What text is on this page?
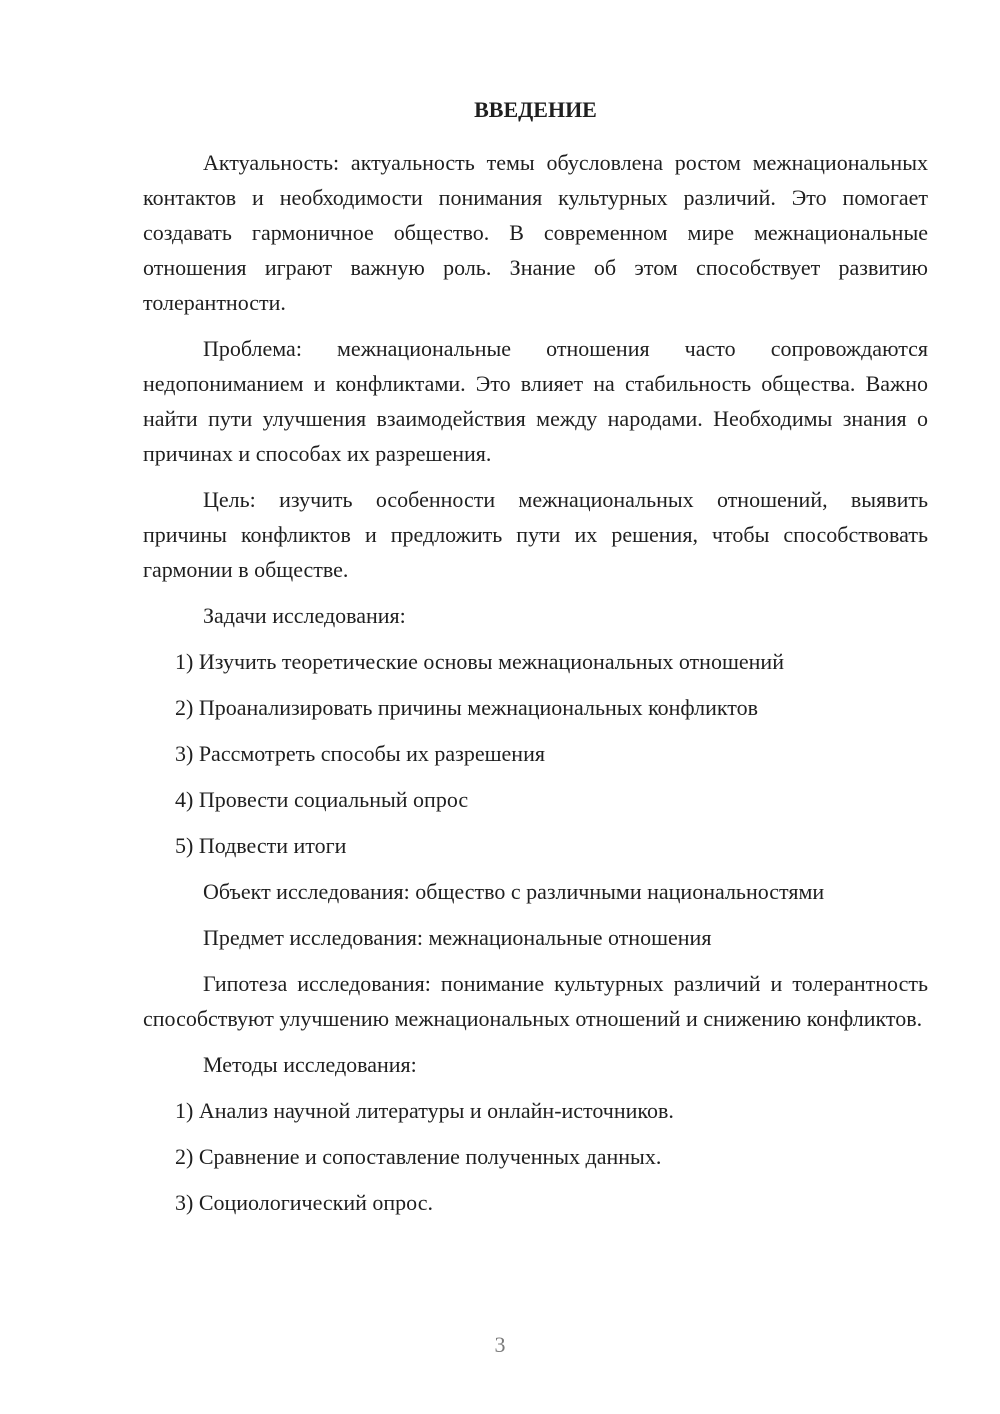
ВВЕДЕНИЕ

Актуальность: актуальность темы обусловлена ростом межнациональных контактов и необходимости понимания культурных различий. Это помогает создавать гармоничное общество. В современном мире межнациональные отношения играют важную роль. Знание об этом способствует развитию толерантности.

Проблема: межнациональные отношения часто сопровождаются недопониманием и конфликтами. Это влияет на стабильность общества. Важно найти пути улучшения взаимодействия между народами. Необходимы знания о причинах и способах их разрешения.

Цель: изучить особенности межнациональных отношений, выявить причины конфликтов и предложить пути их решения, чтобы способствовать гармонии в обществе.

Задачи исследования:
1) Изучить теоретические основы межнациональных отношений
2) Проанализировать причины межнациональных конфликтов
3) Рассмотреть способы их разрешения
4) Провести социальный опрос
5) Подвести итоги
Объект исследования: общество с различными национальностями
Предмет исследования: межнациональные отношения

Гипотеза исследования: понимание культурных различий и толерантность способствуют улучшению межнациональных отношений и снижению конфликтов.

Методы исследования:
1) Анализ научной литературы и онлайн-источников.
2) Сравнение и сопоставление полученных данных.
3) Социологический опрос.
3
